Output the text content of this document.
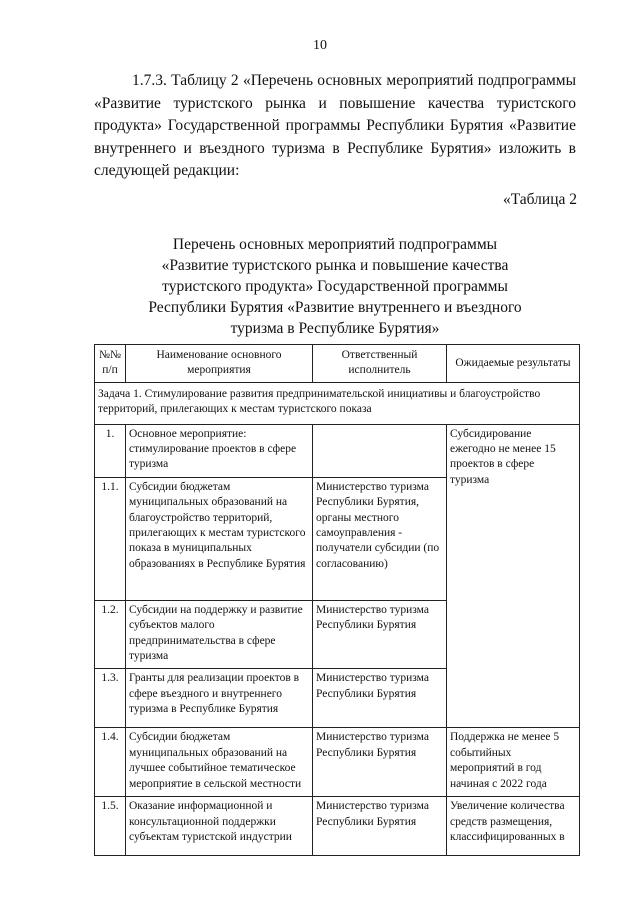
10

1.7.3. Таблицу 2 «Перечень основных мероприятий подпрограммы «Развитие туристского рынка и повышение качества туристского продукта» Государственной программы Республики Бурятия «Развитие внутреннего и въездного туризма в Республике Бурятия» изложить в следующей редакции:

«Таблица 2
Перечень основных мероприятий подпрограммы
«Развитие туристского рынка и повышение качества
туристского продукта» Государственной программы
Республики Бурятия «Развитие внутреннего и въездного
туризма в Республике Бурятия»
№№ п/п	Наименование основного мероприятия	Ответственный исполнитель	Ожидаемые результаты
Задача 1. Стимулирование развития предпринимательской инициативы и благоустройство территорий, прилегающих к местам туристского показа			
1.	Основное мероприятие: стимулирование проектов в сфере туризма		Субсидирование ежегодно не менее 15 проектов в сфере туризма
1.1.	Субсидии бюджетам муниципальных образований на благоустройство территорий, прилегающих к местам туристского показа в муниципальных образованиях в Республике Бурятия	Министерство туризма Республики Бурятия, органы местного самоуправления - получатели субсидии (по согласованию)	
1.2.	Субсидии на поддержку и развитие субъектов малого предпринимательства в сфере туризма	Министерство туризма Республики Бурятия	
1.3.	Гранты для реализации проектов в сфере въездного и внутреннего туризма в Республике Бурятия	Министерство туризма Республики Бурятия	
1.4.	Субсидии бюджетам муниципальных образований на лучшее событийное тематическое мероприятие в сельской местности	Министерство туризма Республики Бурятия	Поддержка не менее 5 событийных мероприятий в год начиная с 2022 года
1.5.	Оказание информационной и консультационной поддержки субъектам туристской индустрии	Министерство туризма Республики Бурятия	Увеличение количества средств размещения, классифицированных в
